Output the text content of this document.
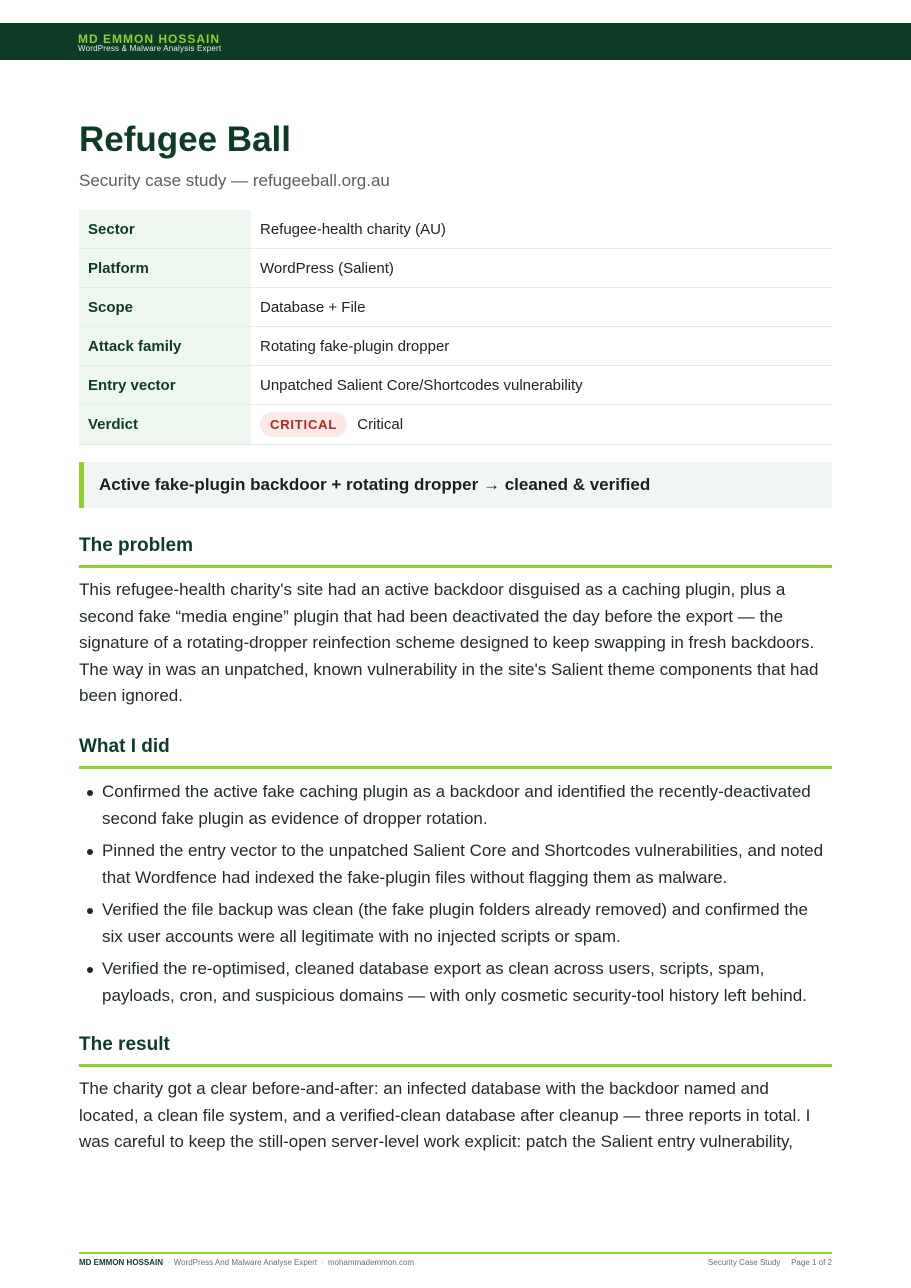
MD EMMON HOSSAIN
WordPress & Malware Analysis Expert
Refugee Ball

Security case study — refugeeball.org.au

Sector	Refugee-health charity (AU)
Platform	WordPress (Salient)
Scope	Database + File
Attack family	Rotating fake-plugin dropper
Entry vector	Unpatched Salient Core/Shortcodes vulnerability
Verdict	CRITICAL Critical
Active fake-plugin backdoor + rotating dropper → cleaned & verified
The problem

This refugee-health charity's site had an active backdoor disguised as a caching plugin, plus a second fake “media engine” plugin that had been deactivated the day before the export — the signature of a rotating-dropper reinfection scheme designed to keep swapping in fresh backdoors. The way in was an unpatched, known vulnerability in the site's Salient theme components that had been ignored.

What I did
Confirmed the active fake caching plugin as a backdoor and identified the recently-deactivated second fake plugin as evidence of dropper rotation.
Pinned the entry vector to the unpatched Salient Core and Shortcodes vulnerabilities, and noted that Wordfence had indexed the fake-plugin files without flagging them as malware.
Verified the file backup was clean (the fake plugin folders already removed) and confirmed the six user accounts were all legitimate with no injected scripts or spam.
Verified the re-optimised, cleaned database export as clean across users, scripts, spam, payloads, cron, and suspicious domains — with only cosmetic security-tool history left behind.
The result

The charity got a clear before-and-after: an infected database with the backdoor named and located, a clean file system, and a verified-clean database after cleanup — three reports in total. I was careful to keep the still-open server-level work explicit: patch the Salient entry vulnerability,

MD EMMON HOSSAIN · WordPress And Malware Analyse Expert · mohammademmon.com	Security Case Study · Page 1 of 2
